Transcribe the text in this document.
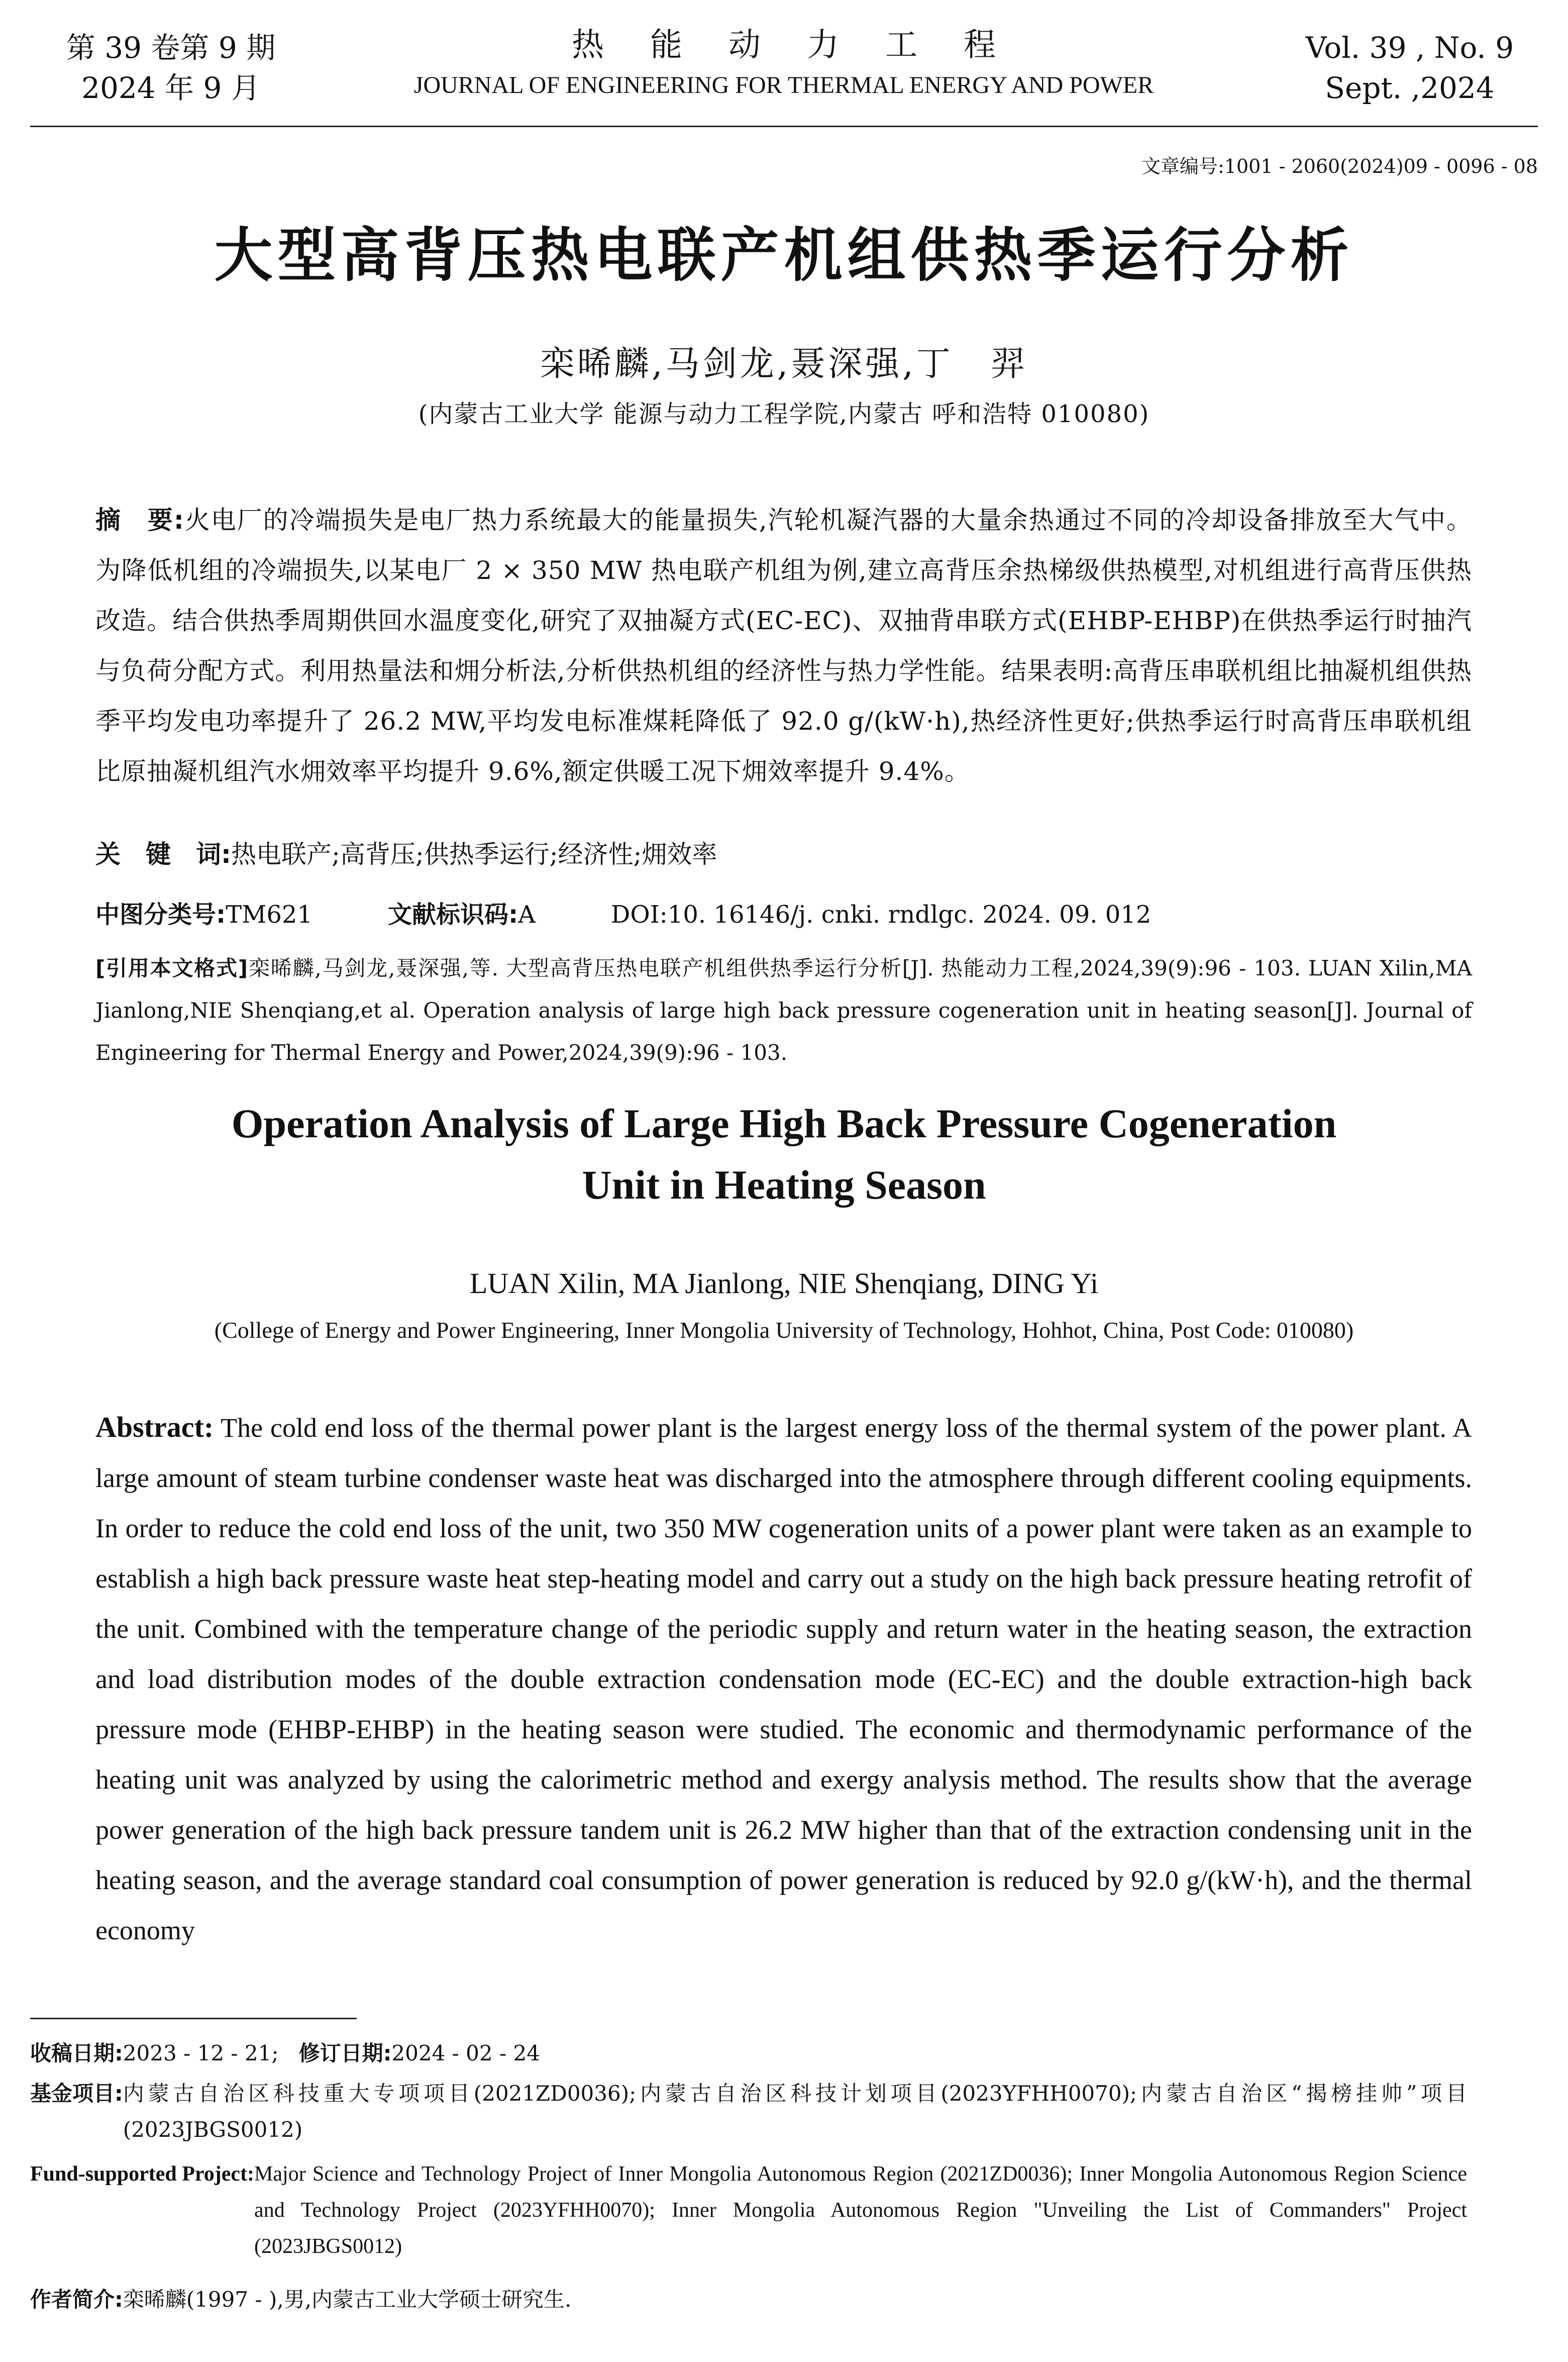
第 39 卷第 9 期
2024 年 9 月
热能动力工程
JOURNAL OF ENGINEERING FOR THERMAL ENERGY AND POWER
Vol. 39 , No. 9
Sept. ,2024
文章编号:1001 - 2060(2024)09 - 0096 - 08
大型高背压热电联产机组供热季运行分析
栾晞麟,马剑龙,聂深强,丁　羿
(内蒙古工业大学 能源与动力工程学院,内蒙古 呼和浩特 010080)
摘　要:火电厂的冷端损失是电厂热力系统最大的能量损失,汽轮机凝汽器的大量余热通过不同的冷却设备排放至大气中。为降低机组的冷端损失,以某电厂 2 × 350 MW 热电联产机组为例,建立高背压余热梯级供热模型,对机组进行高背压供热改造。结合供热季周期供回水温度变化,研究了双抽凝方式(EC-EC)、双抽背串联方式(EHBP-EHBP)在供热季运行时抽汽与负荷分配方式。利用热量法和㶲分析法,分析供热机组的经济性与热力学性能。结果表明:高背压串联机组比抽凝机组供热季平均发电功率提升了 26.2 MW,平均发电标准煤耗降低了 92.0 g/(kW·h),热经济性更好;供热季运行时高背压串联机组比原抽凝机组汽水㶲效率平均提升 9.6%,额定供暖工况下㶲效率提升 9.4%。
关　键　词:热电联产;高背压;供热季运行;经济性;㶲效率
中图分类号:TM621	文献标识码:A	DOI:10. 16146/j. cnki. rndlgc. 2024. 09. 012
[引用本文格式]栾晞麟,马剑龙,聂深强,等. 大型高背压热电联产机组供热季运行分析[J]. 热能动力工程,2024,39(9):96 - 103. LUAN Xilin,MA Jianlong,NIE Shenqiang,et al. Operation analysis of large high back pressure cogeneration unit in heating season[J]. Journal of Engineering for Thermal Energy and Power,2024,39(9):96 - 103.
Operation Analysis of Large High Back Pressure Cogeneration
Unit in Heating Season
LUAN Xilin, MA Jianlong, NIE Shenqiang, DING Yi
(College of Energy and Power Engineering, Inner Mongolia University of Technology, Hohhot, China, Post Code: 010080)
Abstract: The cold end loss of the thermal power plant is the largest energy loss of the thermal system of the power plant. A large amount of steam turbine condenser waste heat was discharged into the atmosphere through different cooling equipments. In order to reduce the cold end loss of the unit, two 350 MW cogeneration units of a power plant were taken as an example to establish a high back pressure waste heat step-heating model and carry out a study on the high back pressure heating retrofit of the unit. Combined with the temperature change of the periodic supply and return water in the heating season, the extraction and load distribution modes of the double extraction condensation mode (EC-EC) and the double extraction-high back pressure mode (EHBP-EHBP) in the heating season were studied. The economic and thermodynamic performance of the heating unit was analyzed by using the calorimetric method and exergy analysis method. The results show that the average power generation of the high back pressure tandem unit is 26.2 MW higher than that of the extraction condensing unit in the heating season, and the average standard coal consumption of power generation is reduced by 92.0 g/(kW·h), and the thermal economy
收稿日期:2023 - 12 - 21; 修订日期:2024 - 02 - 24
基金项目: 内蒙古自治区科技重大专项项目(2021ZD0036);内蒙古自治区科技计划项目(2023YFHH0070);内蒙古自治区“揭榜挂帅”项目(2023JBGS0012)
Fund-supported Project: Major Science and Technology Project of Inner Mongolia Autonomous Region (2021ZD0036); Inner Mongolia Autonomous Region Science and Technology Project (2023YFHH0070); Inner Mongolia Autonomous Region "Unveiling the List of Commanders" Project (2023JBGS0012)
作者简介:栾晞麟(1997 - ),男,内蒙古工业大学硕士研究生.
